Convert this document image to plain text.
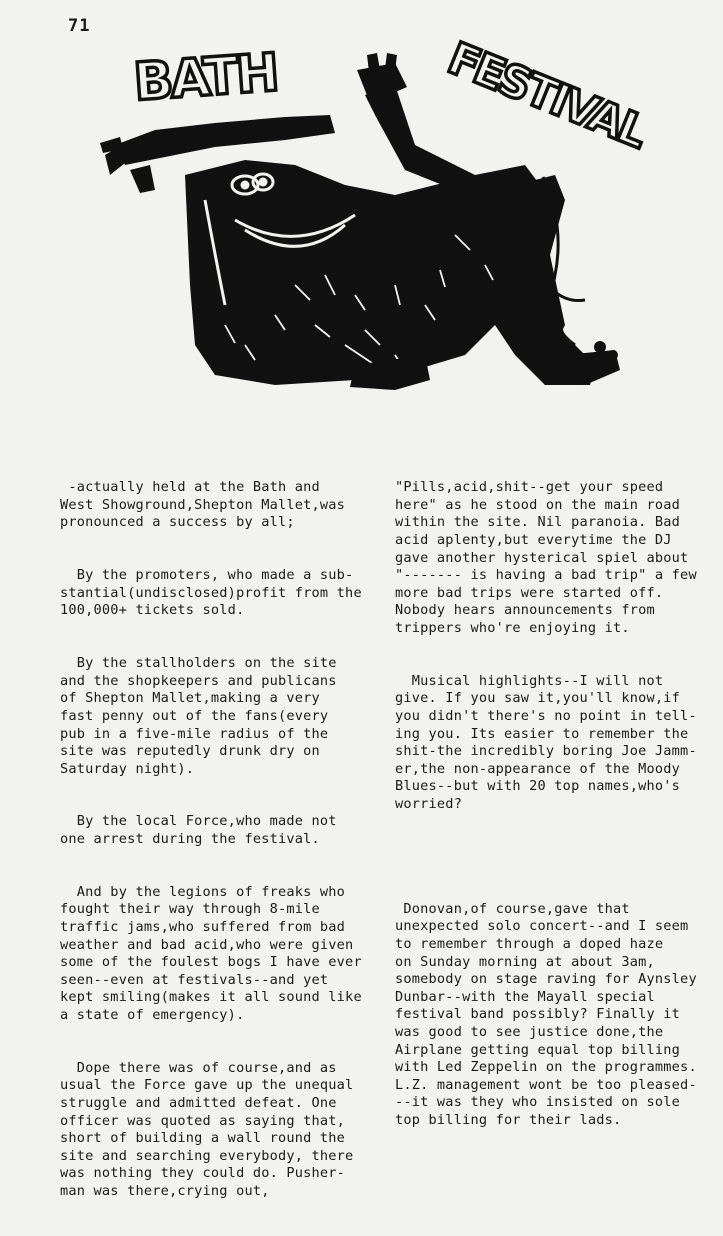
71
BATH	FESTIVAL

-actually held at the Bath and
West Showground,Shepton Mallet,was
pronounced a success by all;

By the promoters, who made a sub-
stantial(undisclosed)profit from the
100,000+ tickets sold.

By the stallholders on the site
and the shopkeepers and publicans
of Shepton Mallet,making a very
fast penny out of the fans(every
pub in a five-mile radius of the
site was reputedly drunk dry on
Saturday night).

By the local Force,who made not
one arrest during the festival.

And by the legions of freaks who
fought their way through 8-mile
traffic jams,who suffered from bad
weather and bad acid,who were given
some of the foulest bogs I have ever
seen--even at festivals--and yet
kept smiling(makes it all sound like
a state of emergency).

Dope there was of course,and as
usual the Force gave up the unequal
struggle and admitted defeat. One
officer was quoted as saying that,
short of building a wall round the
site and searching everybody, there
was nothing they could do. Pusher-
man was there,crying out,

"Pills,acid,shit--get your speed
here" as he stood on the main road
within the site. Nil paranoia. Bad
acid aplenty,but everytime the DJ
gave another hysterical spiel about
"------- is having a bad trip" a few
more bad trips were started off.
Nobody hears announcements from
trippers who're enjoying it.

Musical highlights--I will not
give. If you saw it,you'll know,if
you didn't there's no point in tell-
ing you. Its easier to remember the
shit-the incredibly boring Joe Jamm-
er,the non-appearance of the Moody
Blues--but with 20 top names,who's
worried?

Donovan,of course,gave that
unexpected solo concert--and I seem
to remember through a doped haze
on Sunday morning at about 3am,
somebody on stage raving for Aynsley
Dunbar--with the Mayall special
festival band possibly? Finally it
was good to see justice done,the
Airplane getting equal top billing
with Led Zeppelin on the programmes.
L.Z. management wont be too pleased-
--it was they who insisted on sole
top billing for their lads.
